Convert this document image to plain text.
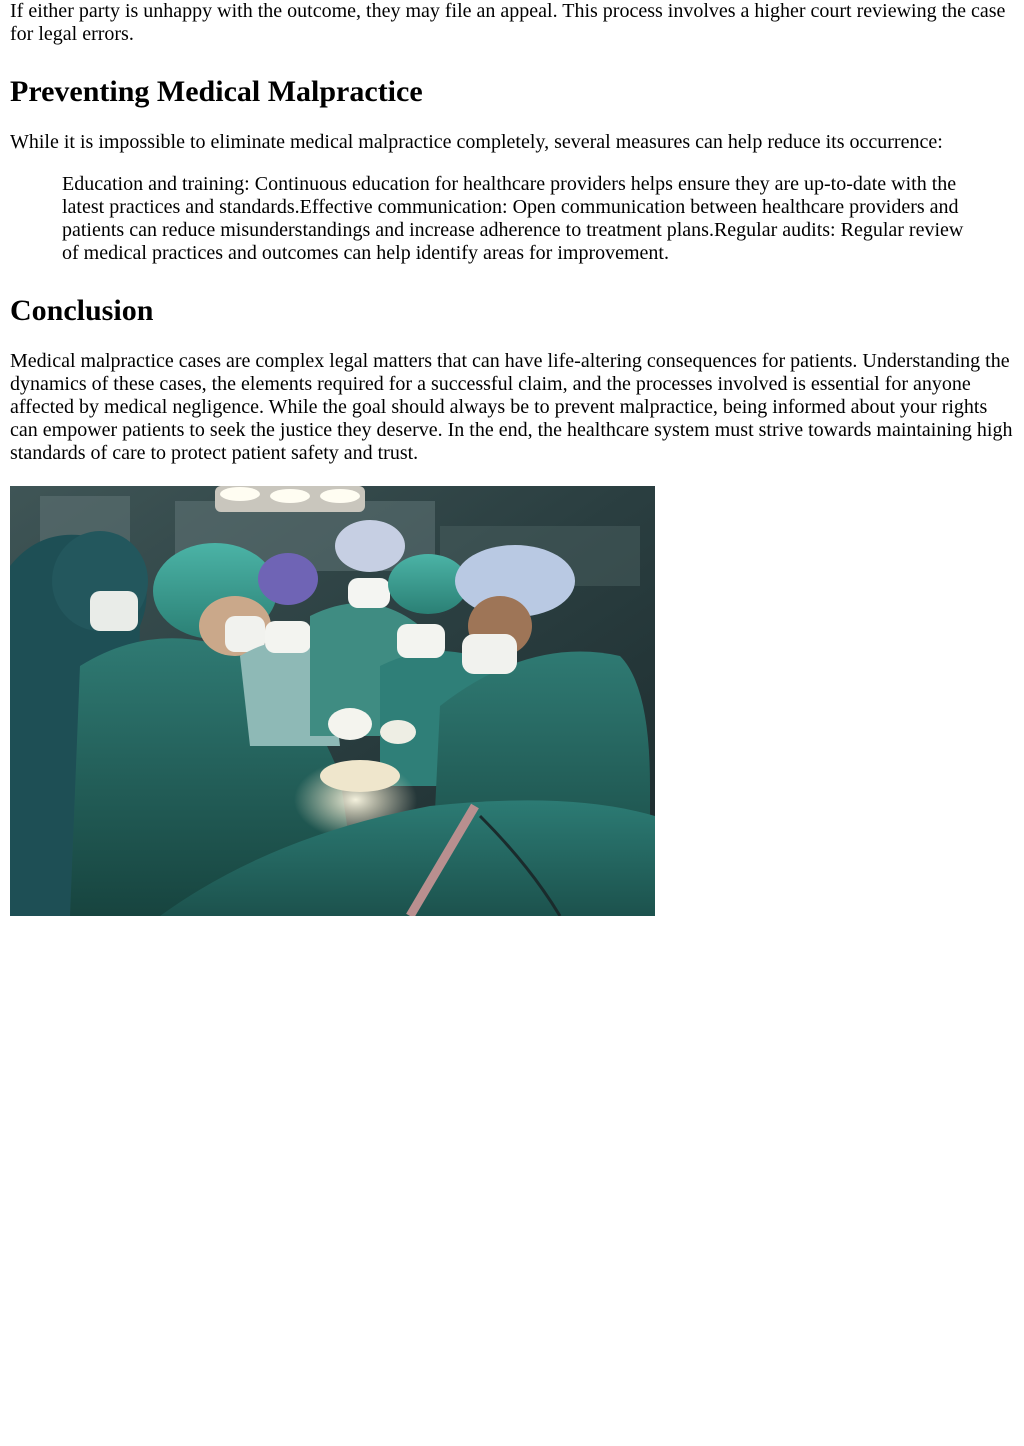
If either party is unhappy with the outcome, they may file an appeal. This process involves a higher court reviewing the case for legal errors.

Preventing Medical Malpractice

While it is impossible to eliminate medical malpractice completely, several measures can help reduce its occurrence:

Education and training: Continuous education for healthcare providers helps ensure they are up-to-date with the latest practices and standards.Effective communication: Open communication between healthcare providers and patients can reduce misunderstandings and increase adherence to treatment plans.Regular audits: Regular review of medical practices and outcomes can help identify areas for improvement.
Conclusion

Medical malpractice cases are complex legal matters that can have life-altering consequences for patients. Understanding the dynamics of these cases, the elements required for a successful claim, and the processes involved is essential for anyone affected by medical negligence. While the goal should always be to prevent malpractice, being informed about your rights can empower patients to seek the justice they deserve. In the end, the healthcare system must strive towards maintaining high standards of care to protect patient safety and trust.
